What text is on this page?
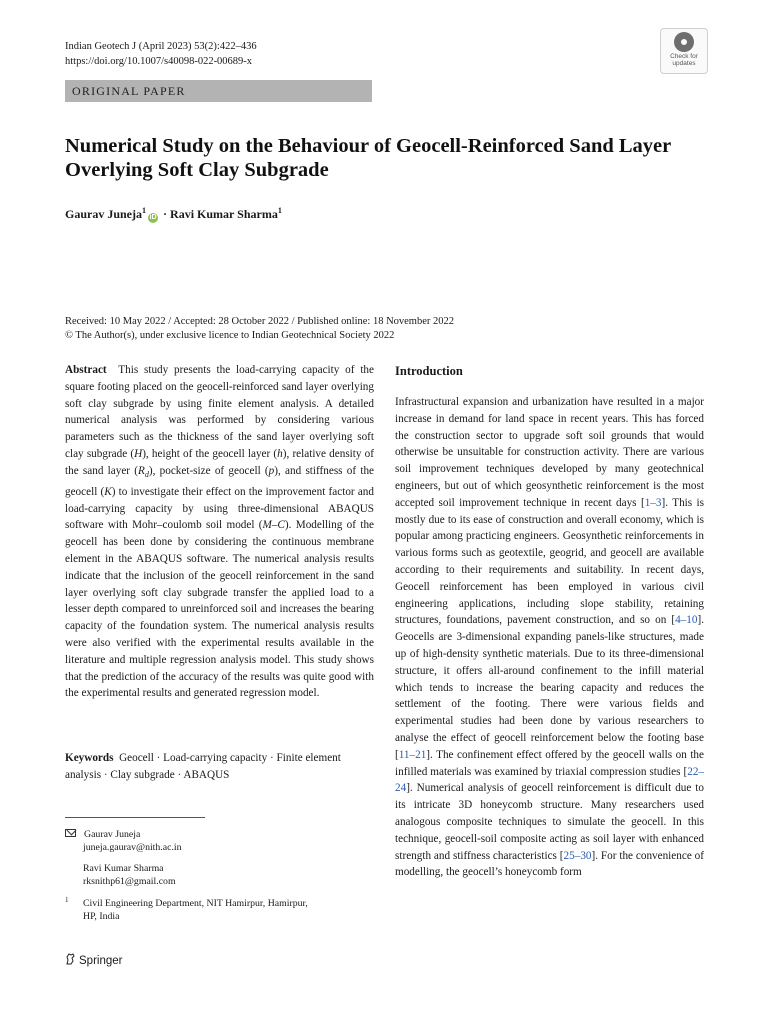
Indian Geotech J (April 2023) 53(2):422–436
https://doi.org/10.1007/s40098-022-00689-x	Check for
updates
ORIGINAL PAPER
Numerical Study on the Behaviour of Geocell-Reinforced Sand Layer Overlying Soft Clay Subgrade
Gaurav Juneja$^1$iD · Ravi Kumar Sharma$^1$
Received: 10 May 2022 / Accepted: 28 October 2022 / Published online: 18 November 2022
© The Author(s), under exclusive licence to Indian Geotechnical Society 2022
Abstract This study presents the load-carrying capacity of the square footing placed on the geocell-reinforced sand layer overlying soft clay subgrade by using finite element analysis. A detailed numerical analysis was performed by considering various parameters such as the thickness of the sand layer overlying soft clay subgrade (H), height of the geocell layer (h), relative density of the sand layer $(R_d)$, pocket-size of geocell (p), and stiffness of the geocell (K) to investigate their effect on the improvement factor and load-carrying capacity by using three-dimensional ABAQUS software with Mohr–coulomb soil model (M–C). Modelling of the geocell has been done by considering the continuous membrane element in the ABAQUS software. The numerical analysis results indicate that the inclusion of the geocell reinforcement in the sand layer overlying soft clay subgrade transfer the applied load to a lesser depth compared to unreinforced soil and increases the bearing capacity of the foundation system. The numerical analysis results were also verified with the experimental results available in the literature and multiple regression analysis model. This study shows that the prediction of the accuracy of the results was quite good with the experimental results and generated regression model.
Keywords Geocell · Load-carrying capacity · Finite element analysis · Clay subgrade · ABAQUS
Gaurav Juneja
juneja.gaurav@nith.ac.in
Ravi Kumar Sharma
rksnithp61@gmail.com
1 Civil Engineering Department, NIT Hamirpur, Hamirpur,
HP, India
Introduction
Infrastructural expansion and urbanization have resulted in a major increase in demand for land space in recent years. This has forced the construction sector to upgrade soft soil grounds that would otherwise be unsuitable for construction activity. There are various soil improvement techniques developed by many geotechnical engineers, but out of which geosynthetic reinforcement is the most accepted soil improvement technique in recent days [1–3]. This is mostly due to its ease of construction and overall economy, which is popular among practicing engineers. Geosynthetic reinforcements in various forms such as geotextile, geogrid, and geocell are available according to their requirements and suitability. In recent days, Geocell reinforcement has been employed in various civil engineering applications, including slope stability, retaining structures, foundations, pavement construction, and so on [4–10]. Geocells are 3-dimensional expanding panels-like structures, made up of high-density synthetic materials. Due to its three-dimensional structure, it offers all-around confinement to the infill material which tends to increase the bearing capacity and reduces the settlement of the footing. There were various fields and experimental studies had been done by various researchers to analyse the effect of geocell reinforcement below the footing base [11–21]. The confinement effect offered by the geocell walls on the infilled materials was examined by triaxial compression studies [22–24]. Numerical analysis of geocell reinforcement is difficult due to its intricate 3D honeycomb structure. Many researchers used analogous composite techniques to simulate the geocell. In this technique, geocell-soil composite acting as soil layer with enhanced strength and stiffness characteristics [25–30]. For the convenience of modelling, the geocell’s honeycomb form
Springer
